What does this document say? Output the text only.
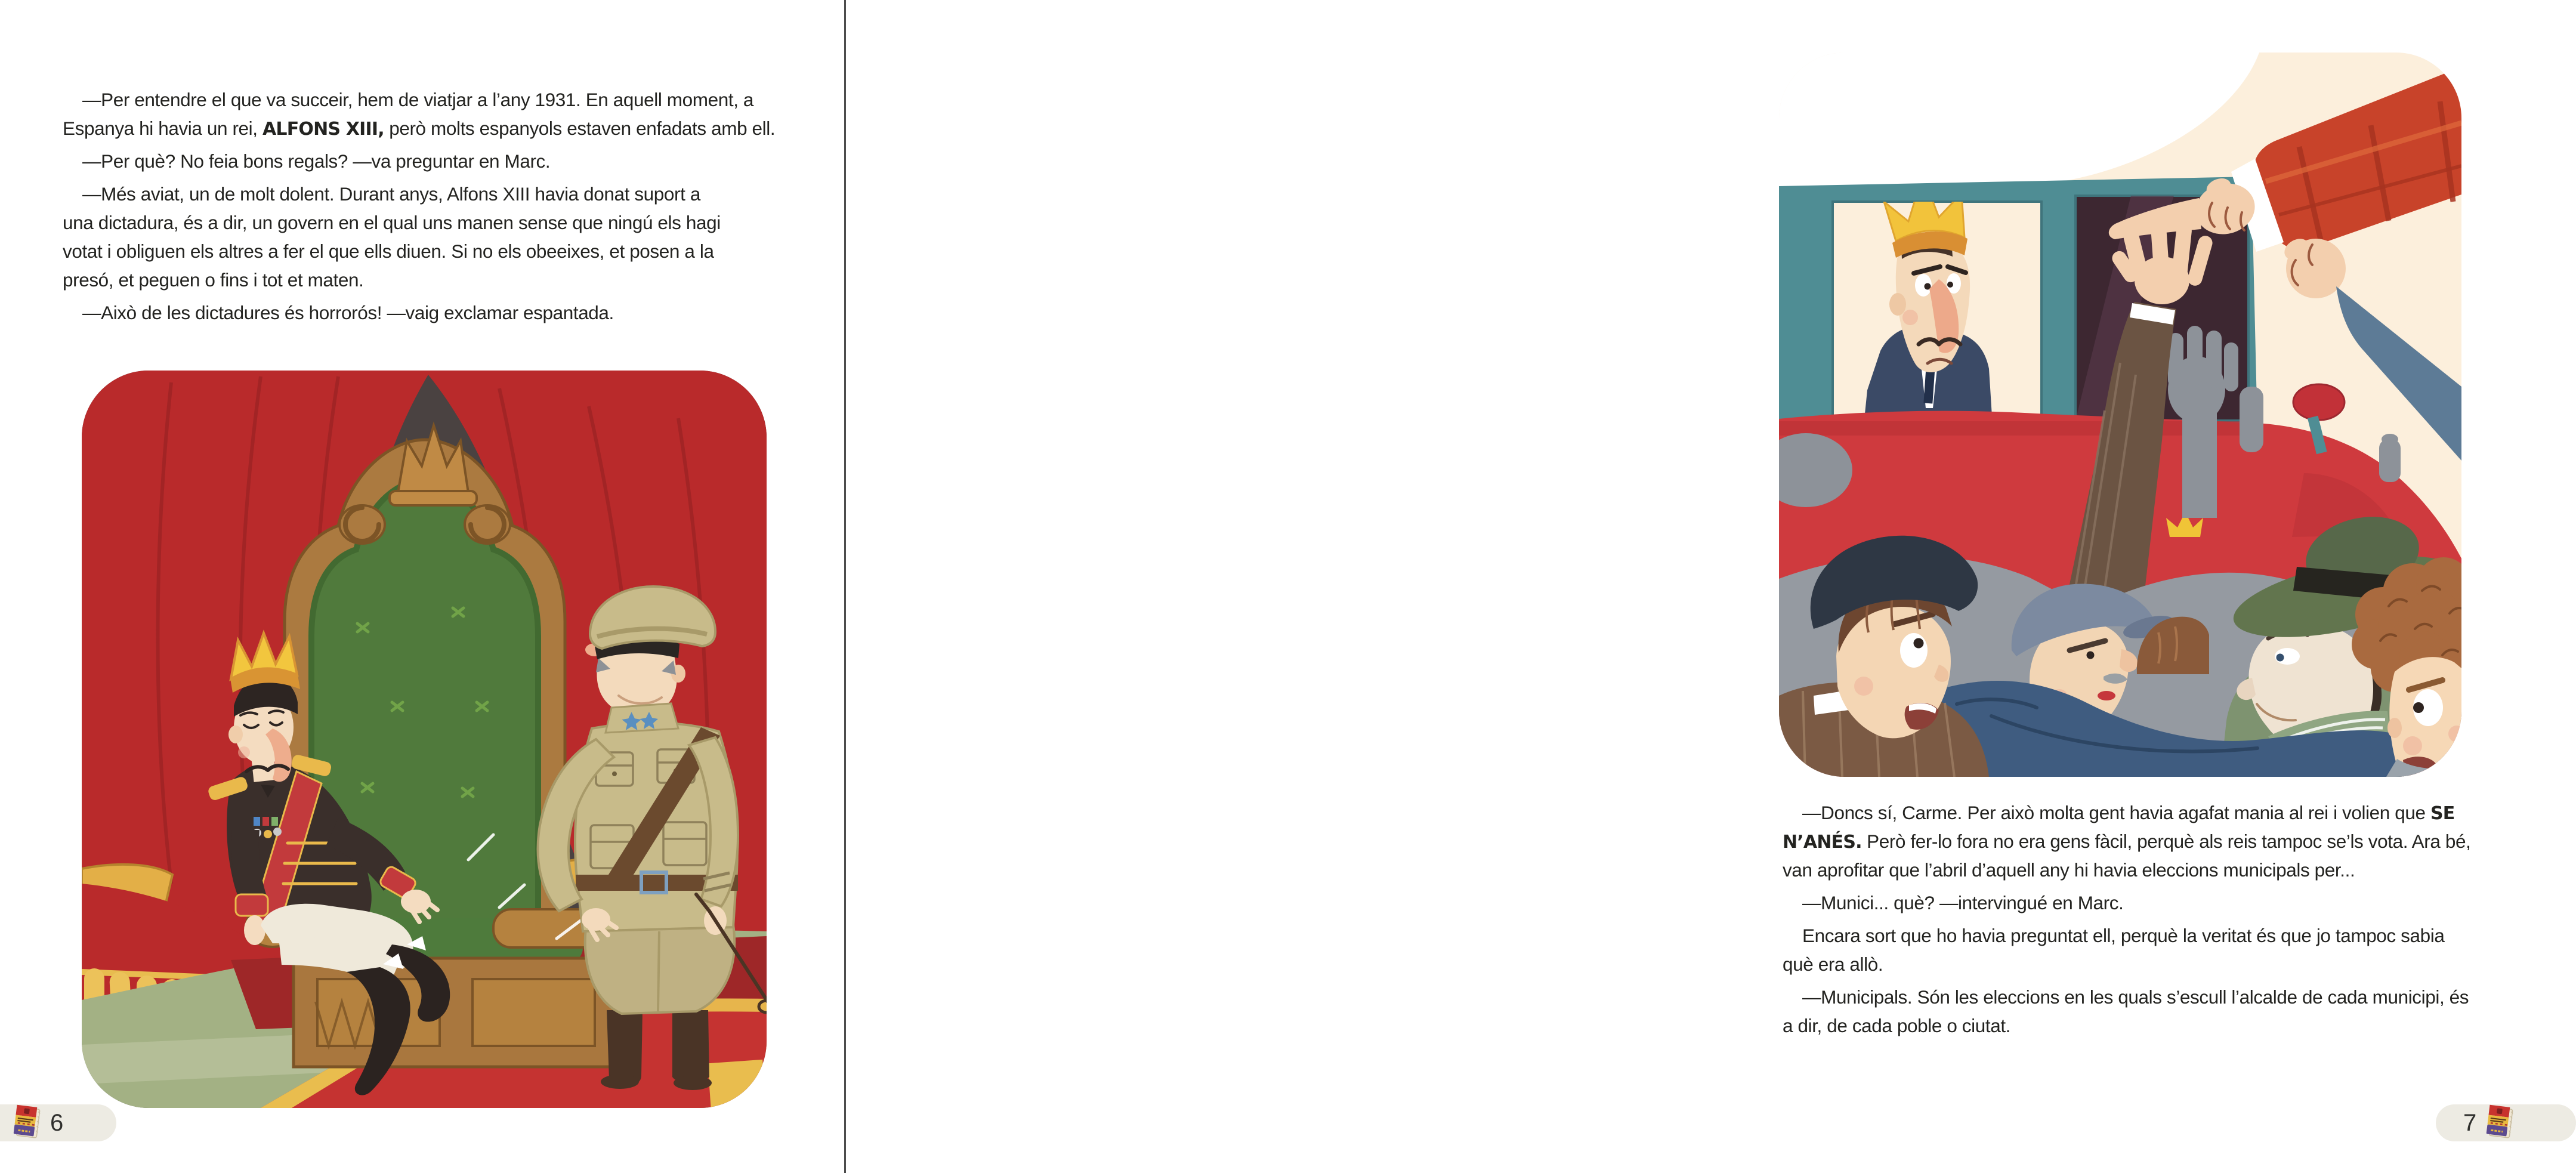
—Per entendre el que va succeir, hem de viatjar a l’any 1931. En aquell moment, a
Espanya hi havia un rei, ALFONS XIII, però molts espanyols estaven enfadats amb ell.
—Per què? No feia bons regals? —va preguntar en Marc.
—Més aviat, un de molt dolent. Durant anys, Alfons XIII havia donat suport a
una dictadura, és a dir, un govern en el qual uns manen sense que ningú els hagi
votat i obliguen els altres a fer el que ells diuen. Si no els obeeixes, et posen a la
presó, et peguen o fins i tot et maten.
—Això de les dictadures és horrorós! —vaig exclamar espantada.
6
—Doncs sí, Carme. Per això molta gent havia agafat mania al rei i volien que SE
N’ANÉS. Però fer-lo fora no era gens fàcil, perquè als reis tampoc se’ls vota. Ara bé,
van aprofitar que l’abril d’aquell any hi havia eleccions municipals per...
—Munici... què? —intervingué en Marc.
Encara sort que ho havia preguntat ell, perquè la veritat és que jo tampoc sabia
què era allò.
—Municipals. Són les eleccions en les quals s’escull l’alcalde de cada municipi, és
a dir, de cada poble o ciutat.
7
